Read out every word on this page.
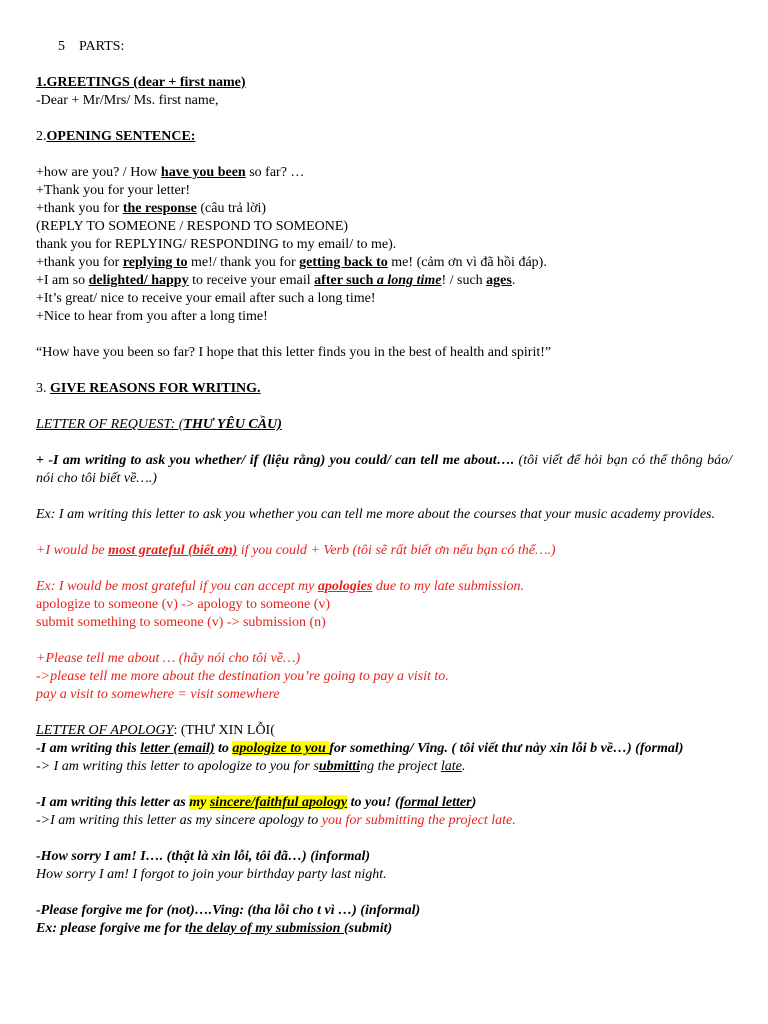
5 PARTS:

1.GREETINGS (dear + first name)

-Dear + Mr/Mrs/ Ms. first name,

2.OPENING SENTENCE:

+how are you? / How have you been so far? …

+Thank you for your letter!

+thank you for the response (câu trả lời)

(REPLY TO SOMEONE / RESPOND TO SOMEONE)

thank you for REPLYING/ RESPONDING to my email/ to me).

+thank you for replying to me!/ thank you for getting back to me! (cảm ơn vì đã hồi đáp).

+I am so delighted/ happy to receive your email after such a long time! / such ages.

+It’s great/ nice to receive your email after such a long time!

+Nice to hear from you after a long time!

“How have you been so far? I hope that this letter finds you in the best of health and spirit!”

3. GIVE REASONS FOR WRITING.

LETTER OF REQUEST: (THƯ YÊU CẦU)

+ -I am writing to ask you whether/ if (liệu rằng) you could/ can tell me about…. (tôi viết để hỏi bạn có thể thông báo/ nói cho tôi biết về….)

Ex: I am writing this letter to ask you whether you can tell me more about the courses that your music academy provides.

+I would be most grateful (biết ơn) if you could + Verb (tôi sẽ rất biết ơn nếu bạn có thể….)

Ex: I would be most grateful if you can accept my apologies due to my late submission.

apologize to someone (v) -> apology to someone (v)

submit something to someone (v) -> submission (n)

+Please tell me about … (hãy nói cho tôi về…)

->please tell me more about the destination you’re going to pay a visit to.

pay a visit to somewhere = visit somewhere

LETTER OF APOLOGY: (THƯ XIN LỖI(

-I am writing this letter (email) to apologize to you for something/ Ving. ( tôi viết thư này xin lỗi b về…) (formal)

-> I am writing this letter to apologize to you for submitting the project late.

-I am writing this letter as my sincere/faithful apology to you! (formal letter)

->I am writing this letter as my sincere apology to you for submitting the project late.

-How sorry I am! I…. (thật là xin lỗi, tôi đã…) (informal)

How sorry I am! I forgot to join your birthday party last night.

-Please forgive me for (not)….Ving: (tha lỗi cho t vì …) (informal)

Ex: please forgive me for the delay of my submission (submit)
